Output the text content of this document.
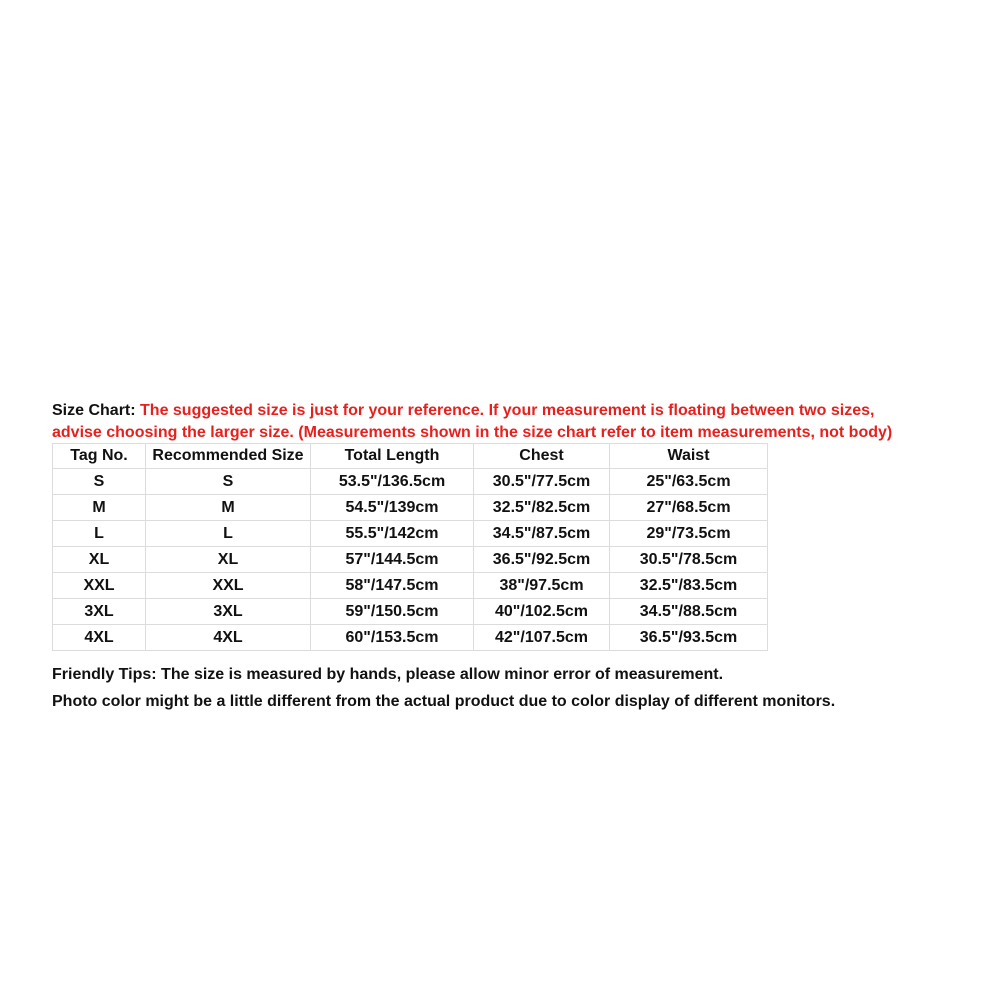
Size Chart: The suggested size is just for your reference. If your measurement is floating between two sizes,
advise choosing the larger size. (Measurements shown in the size chart refer to item measurements, not body)
Tag No.	Recommended Size	Total Length	Chest	Waist
S	S	53.5"/136.5cm	30.5"/77.5cm	25"/63.5cm
M	M	54.5"/139cm	32.5"/82.5cm	27"/68.5cm
L	L	55.5"/142cm	34.5"/87.5cm	29"/73.5cm
XL	XL	57"/144.5cm	36.5"/92.5cm	30.5"/78.5cm
XXL	XXL	58"/147.5cm	38"/97.5cm	32.5"/83.5cm
3XL	3XL	59"/150.5cm	40"/102.5cm	34.5"/88.5cm
4XL	4XL	60"/153.5cm	42"/107.5cm	36.5"/93.5cm
Friendly Tips: The size is measured by hands, please allow minor error of measurement.
Photo color might be a little different from the actual product due to color display of different monitors.
